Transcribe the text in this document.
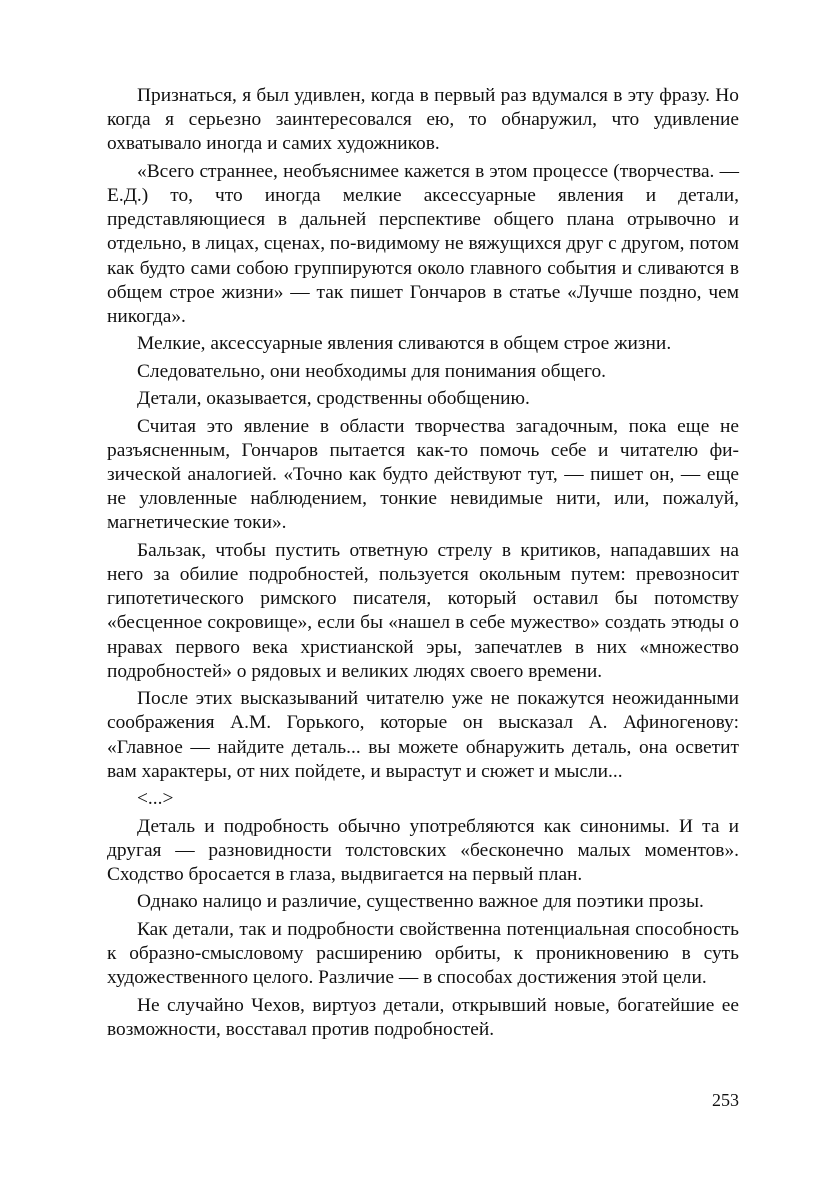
Признаться, я был удивлен, когда в первый раз вдумался в эту фразу. Но когда я серьезно заинтересовался ею, то обнаружил, что удивление охватывало иногда и самих художников.

«Всего страннее, необъяснимее кажется в этом процессе (творчества. — Е.Д.) то, что иногда мелкие аксессуарные явления и детали, представляющиеся в дальней перспективе общего плана отрывочно и отдельно, в лицах, сценах, по-видимому не вяжущихся друг с другом, потом как будто сами собою группируются около главного события и сливаются в общем строе жизни» — так пишет Гончаров в статье «Лучше поздно, чем никогда».

Мелкие, аксессуарные явления сливаются в общем строе жизни.

Следовательно, они необходимы для понимания общего.

Детали, оказывается, сродственны обобщению.

Считая это явление в области творчества загадочным, пока еще не разъясненным, Гончаров пытается как-то помочь себе и читателю физической аналогией. «Точно как будто действуют тут, — пишет он, — еще не уловленные наблюдением, тонкие невидимые нити, или, пожалуй, магнетические токи».

Бальзак, чтобы пустить ответную стрелу в критиков, нападавших на него за обилие подробностей, пользуется окольным путем: превозносит гипотетического римского писателя, который оставил бы потомству «бесценное сокровище», если бы «нашел в себе мужество» создать этюды о нравах первого века христианской эры, запечатлев в них «множество подробностей» о рядовых и великих людях своего времени.

После этих высказываний читателю уже не покажутся неожиданными соображения А.М. Горького, которые он высказал А. Афиногенову: «Главное — найдите деталь... вы можете обнаружить деталь, она осветит вам характеры, от них пойдете, и вырастут и сюжет и мысли...

<...>

Деталь и подробность обычно употребляются как синонимы. И та и другая — разновидности толстовских «бесконечно малых моментов». Сходство бросается в глаза, выдвигается на первый план.

Однако налицо и различие, существенно важное для поэтики прозы.

Как детали, так и подробности свойственна потенциальная способность к образно-смысловому расширению орбиты, к проникновению в суть художественного целого. Различие — в способах достижения этой цели.

Не случайно Чехов, виртуоз детали, открывший новые, богатейшие ее возможности, восставал против подробностей.

253
